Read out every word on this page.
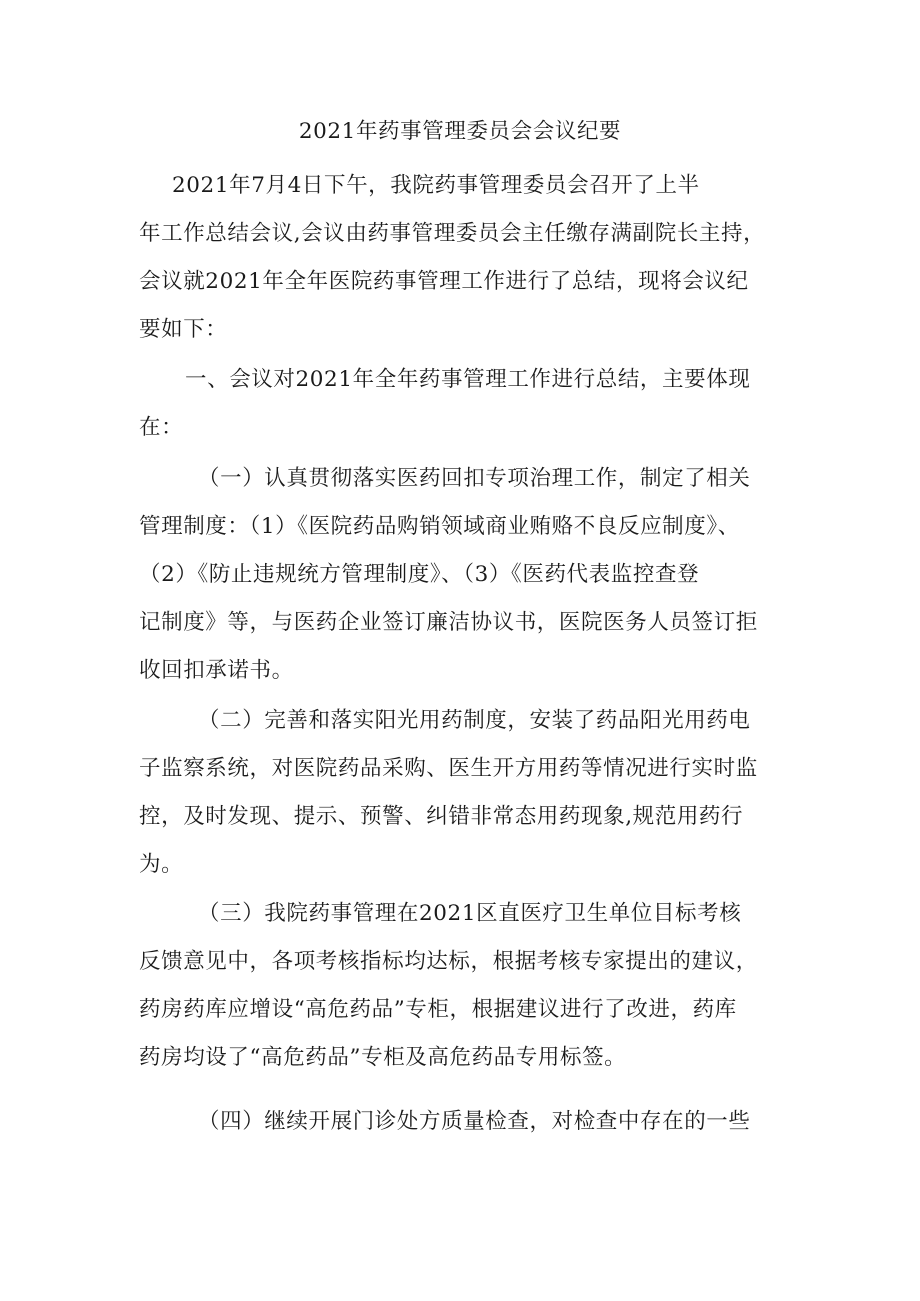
2021年药事管理委员会会议纪要
2021年7月4日下午，我院药事管理委员会召开了上半
年工作总结会议,会议由药事管理委员会主任缴存满副院长主持，
会议就2021年全年医院药事管理工作进行了总结，现将会议纪
要如下：
一、会议对2021年全年药事管理工作进行总结，主要体现
在：
（一）认真贯彻落实医药回扣专项治理工作，制定了相关
管理制度：（1）《医院药品购销领域商业贿赂不良反应制度》、
（2）《防止违规统方管理制度》、（3）《医药代表监控查登
记制度》等，与医药企业签订廉洁协议书，医院医务人员签订拒
收回扣承诺书。
（二）完善和落实阳光用药制度，安装了药品阳光用药电
子监察系统，对医院药品采购、医生开方用药等情况进行实时监
控，及时发现、提示、预警、纠错非常态用药现象,规范用药行
为。
（三）我院药事管理在2021区直医疗卫生单位目标考核
反馈意见中，各项考核指标均达标，根据考核专家提出的建议，
药房药库应增设“高危药品”专柜，根据建议进行了改进，药库
药房均设了“高危药品”专柜及高危药品专用标签。
（四）继续开展门诊处方质量检查，对检查中存在的一些
